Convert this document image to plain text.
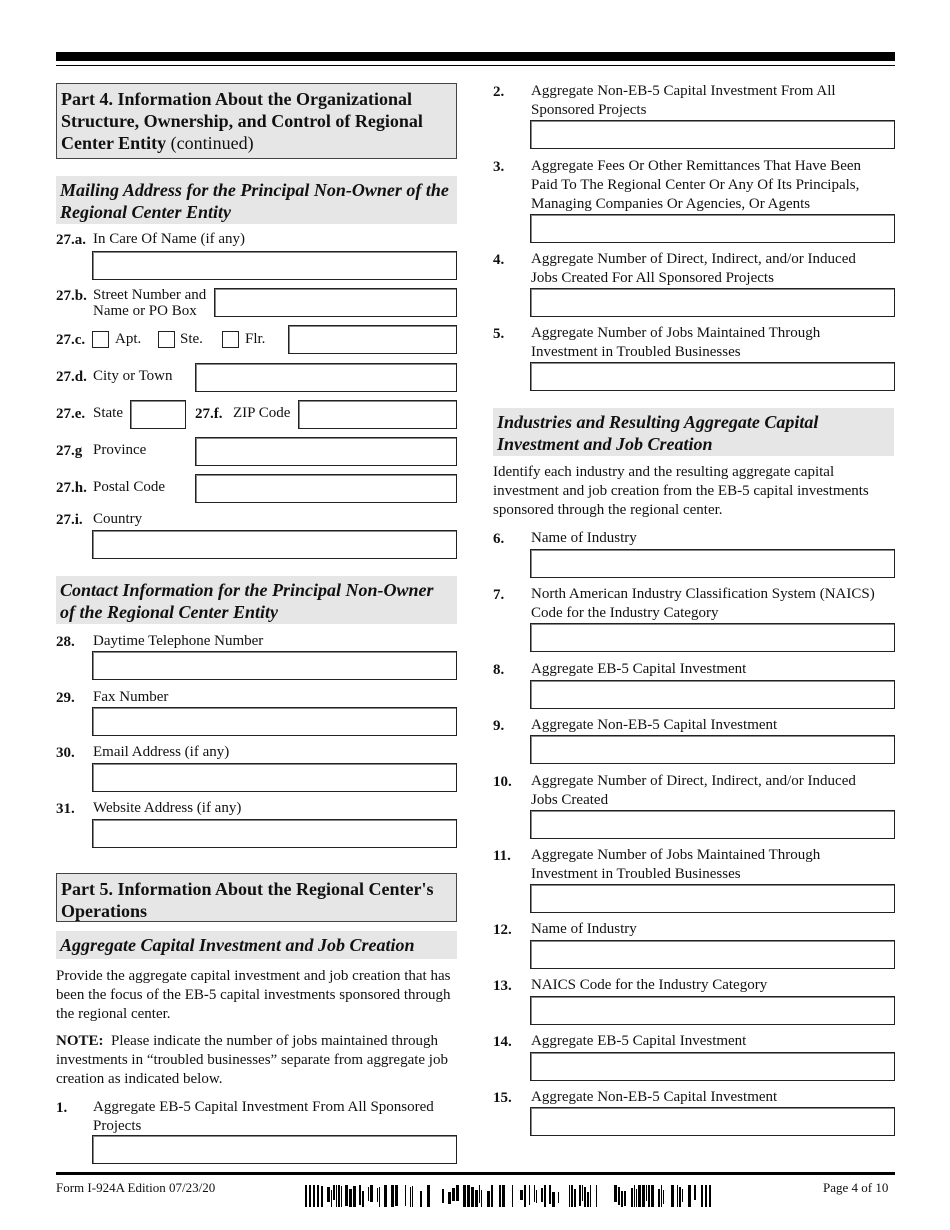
Part 4. Information About the Organizational Structure, Ownership, and Control of Regional Center Entity (continued)
Mailing Address for the Principal Non-Owner of the Regional Center Entity
27.a. In Care Of Name (if any)
27.b. Street Number and
Name or PO Box
27.c. Apt.	Ste.	Flr.
27.d. City or Town
27.e. State	27.f. ZIP Code
27.g Province
27.h. Postal Code
27.i. Country
Contact Information for the Principal Non-Owner of the Regional Center Entity
28. Daytime Telephone Number
29. Fax Number
30. Email Address (if any)
31. Website Address (if any)
Part 5. Information About the Regional Center's Operations
Aggregate Capital Investment and Job Creation
Provide the aggregate capital investment and job creation that has been the focus of the EB-5 capital investments sponsored through the regional center.
NOTE: Please indicate the number of jobs maintained through investments in “troubled businesses” separate from aggregate job creation as indicated below.
1. Aggregate EB-5 Capital Investment From All Sponsored Projects
2. Aggregate Non-EB-5 Capital Investment From All Sponsored Projects
3. Aggregate Fees Or Other Remittances That Have Been Paid To The Regional Center Or Any Of Its Principals, Managing Companies Or Agencies, Or Agents
4. Aggregate Number of Direct, Indirect, and/or Induced Jobs Created For All Sponsored Projects
5. Aggregate Number of Jobs Maintained Through Investment in Troubled Businesses
Industries and Resulting Aggregate Capital Investment and Job Creation
Identify each industry and the resulting aggregate capital investment and job creation from the EB-5 capital investments sponsored through the regional center.
6. Name of Industry
7. North American Industry Classification System (NAICS) Code for the Industry Category
8. Aggregate EB-5 Capital Investment
9. Aggregate Non-EB-5 Capital Investment
10. Aggregate Number of Direct, Indirect, and/or Induced Jobs Created
11. Aggregate Number of Jobs Maintained Through Investment in Troubled Businesses
12. Name of Industry
13. NAICS Code for the Industry Category
14. Aggregate EB-5 Capital Investment
15. Aggregate Non-EB-5 Capital Investment
Form I-924A Edition 07/23/20	Page 4 of 10
